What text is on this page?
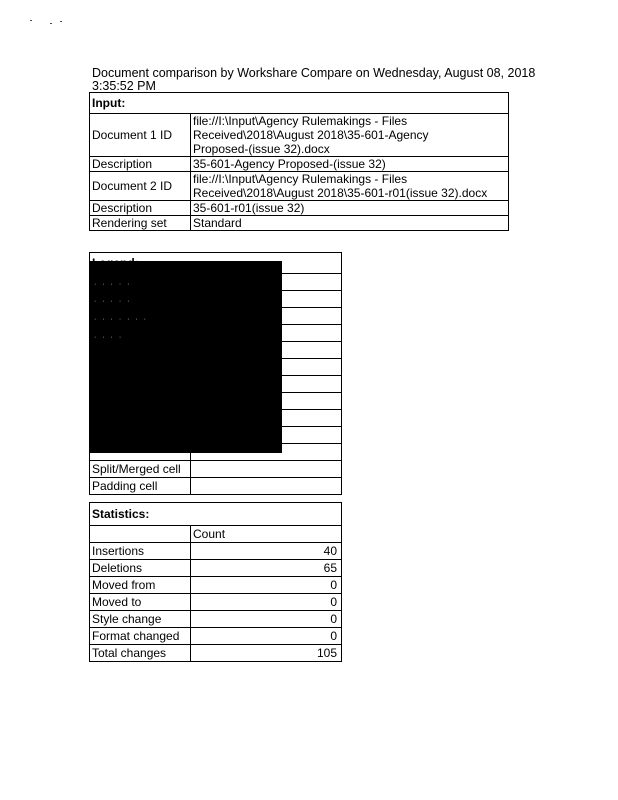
Document comparison by Workshare Compare on Wednesday, August 08, 2018
3:35:52 PM
Input:	
Document 1 ID	file://I:\Input\Agency Rulemakings - Files
Received\2018\August 2018\35-601-Agency
Proposed-(issue 32).docx

Description	35-601-Agency Proposed-(issue 32)
Document 2 ID	file://I:\Input\Agency Rulemakings - Files
Received\2018\August 2018\35-601-r01(issue 32).docx

Description	35-601-r01(issue 32)
Rendering set	Standard

Split/Merged cell	
Padding cell	
· · · · ·
· · · · ·
· · · · · · ·
· · · ·
Statistics:	
	Count
Insertions	40
Deletions	65
Moved from	0
Moved to	0
Style change	0
Format changed	0
Total changes	105
